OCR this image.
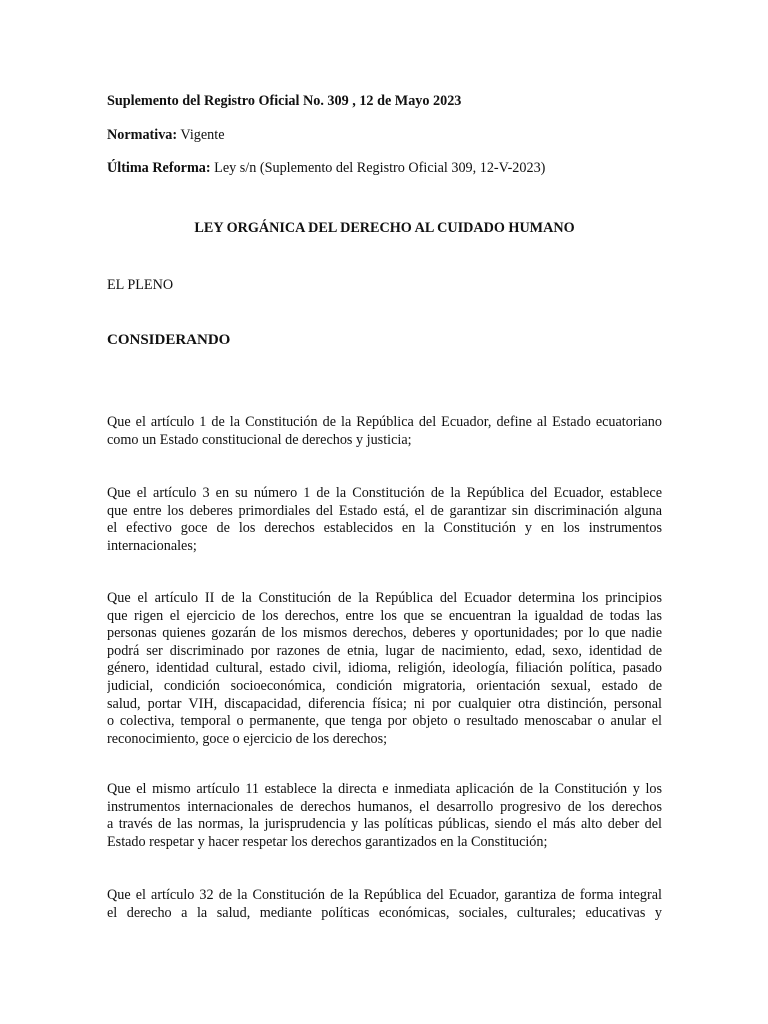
Suplemento del Registro Oficial No. 309 , 12 de Mayo 2023
Normativa: Vigente
Última Reforma: Ley s/n (Suplemento del Registro Oficial 309, 12-V-2023)
LEY ORGÁNICA DEL DERECHO AL CUIDADO HUMANO
EL PLENO
CONSIDERANDO
Que el artículo 1 de la Constitución de la República del Ecuador, define al Estado ecuatoriano
como un Estado constitucional de derechos y justicia;
Que el artículo 3 en su número 1 de la Constitución de la República del Ecuador, establece
que entre los deberes primordiales del Estado está, el de garantizar sin discriminación alguna
el efectivo goce de los derechos establecidos en la Constitución y en los instrumentos
internacionales;
Que el artículo II de la Constitución de la República del Ecuador determina los principios
que rigen el ejercicio de los derechos, entre los que se encuentran la igualdad de todas las
personas quienes gozarán de los mismos derechos, deberes y oportunidades; por lo que nadie
podrá ser discriminado por razones de etnia, lugar de nacimiento, edad, sexo, identidad de
género, identidad cultural, estado civil, idioma, religión, ideología, filiación política, pasado
judicial, condición socioeconómica, condición migratoria, orientación sexual, estado de
salud, portar VIH, discapacidad, diferencia física; ni por cualquier otra distinción, personal
o colectiva, temporal o permanente, que tenga por objeto o resultado menoscabar o anular el
reconocimiento, goce o ejercicio de los derechos;
Que el mismo artículo 11 establece la directa e inmediata aplicación de la Constitución y los
instrumentos internacionales de derechos humanos, el desarrollo progresivo de los derechos
a través de las normas, la jurisprudencia y las políticas públicas, siendo el más alto deber del
Estado respetar y hacer respetar los derechos garantizados en la Constitución;
Que el artículo 32 de la Constitución de la República del Ecuador, garantiza de forma integral
el derecho a la salud, mediante políticas económicas, sociales, culturales; educativas y
